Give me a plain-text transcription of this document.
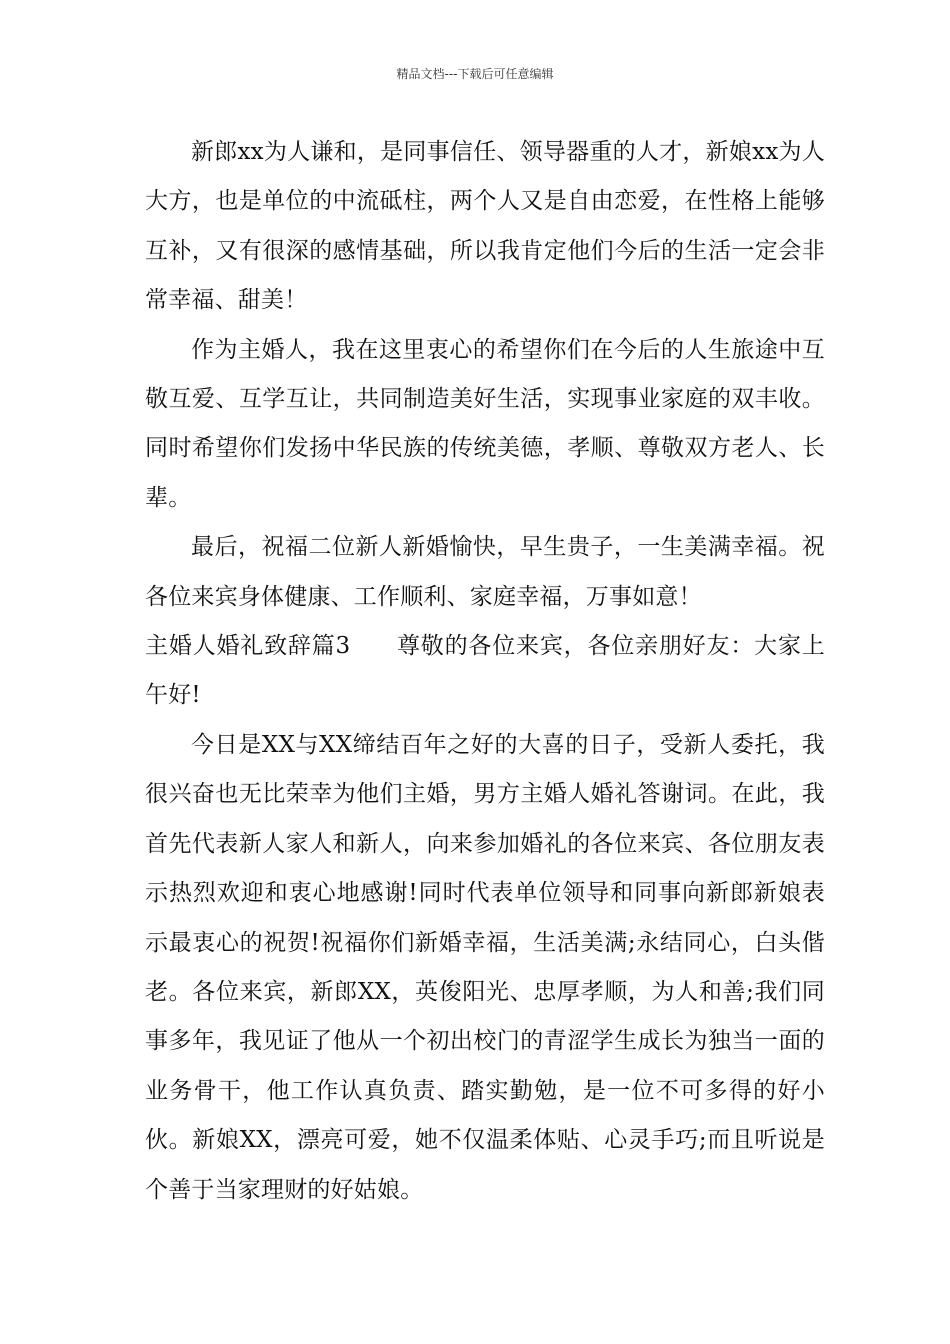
精品文档---下载后可任意编辑

新郎xx为人谦和，是同事信任、领导器重的人才，新娘xx为人大方，也是单位的中流砥柱，两个人又是自由恋爱，在性格上能够互补，又有很深的感情基础，所以我肯定他们今后的生活一定会非常幸福、甜美！

作为主婚人，我在这里衷心的希望你们在今后的人生旅途中互敬互爱、互学互让，共同制造美好生活，实现事业家庭的双丰收。同时希望你们发扬中华民族的传统美德，孝顺、尊敬双方老人、长辈。

最后，祝福二位新人新婚愉快，早生贵子，一生美满幸福。祝各位来宾身体健康、工作顺利、家庭幸福，万事如意！

主婚人婚礼致辞篇3 尊敬的各位来宾，各位亲朋好友：大家上午好!

今日是XX与XX缔结百年之好的大喜的日子，受新人委托，我很兴奋也无比荣幸为他们主婚，男方主婚人婚礼答谢词。在此，我首先代表新人家人和新人，向来参加婚礼的各位来宾、各位朋友表示热烈欢迎和衷心地感谢!同时代表单位领导和同事向新郎新娘表示最衷心的祝贺!祝福你们新婚幸福，生活美满;永结同心，白头偕老。各位来宾，新郎XX，英俊阳光、忠厚孝顺，为人和善;我们同事多年，我见证了他从一个初出校门的青涩学生成长为独当一面的业务骨干，他工作认真负责、踏实勤勉，是一位不可多得的好小伙。新娘XX，漂亮可爱，她不仅温柔体贴、心灵手巧;而且听说是个善于当家理财的好姑娘。
